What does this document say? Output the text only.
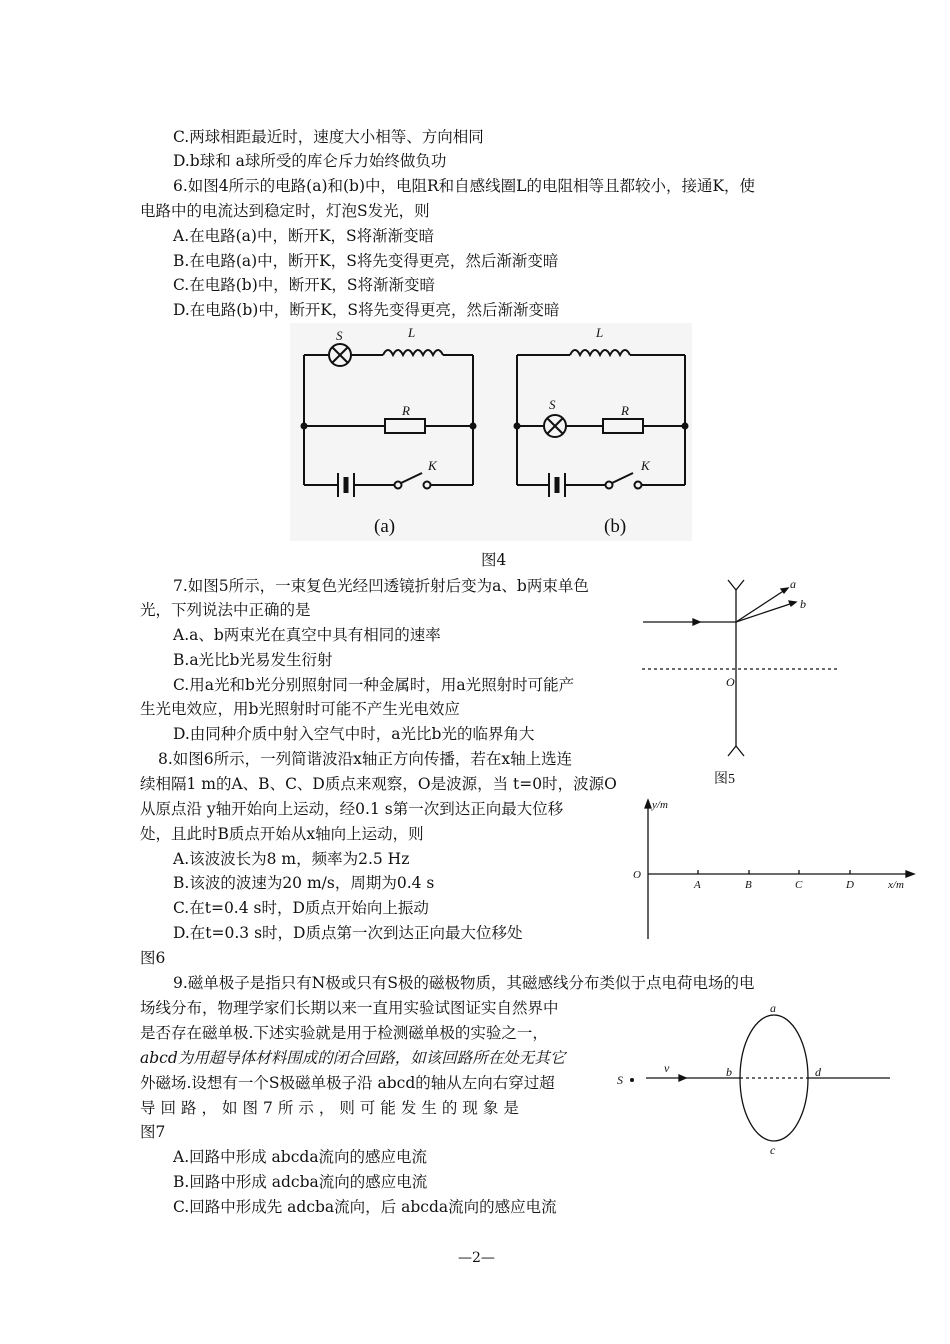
C.两球相距最近时，速度大小相等、方向相同
D.b球和 a球所受的库仑斥力始终做负功
6.如图4所示的电路(a)和(b)中，电阻R和自感线圈L的电阻相等且都较小，接通K，使
电路中的电流达到稳定时，灯泡S发光，则
A.在电路(a)中，断开K，S将渐渐变暗
B.在电路(a)中，断开K，S将先变得更亮，然后渐渐变暗
C.在电路(b)中，断开K，S将渐渐变暗
D.在电路(b)中，断开K，S将先变得更亮，然后渐渐变暗
图4
7.如图5所示，一束复色光经凹透镜折射后变为a、b两束单色
光，下列说法中正确的是
A.a、b两束光在真空中具有相同的速率
B.a光比b光易发生衍射
C.用a光和b光分别照射同一种金属时，用a光照射时可能产
生光电效应，用b光照射时可能不产生光电效应
D.由同种介质中射入空气中时，a光比b光的临界角大
8.如图6所示，一列简谐波沿x轴正方向传播，若在x轴上选连
续相隔1 m的A、B、C、D质点来观察，O是波源，当 t=0时，波源O
从原点沿 y轴开始向上运动，经0.1 s第一次到达正向最大位移
处，且此时B质点开始从x轴向上运动，则
A.该波波长为8 m，频率为2.5 Hz
B.该波的波速为20 m/s，周期为0.4 s
C.在t=0.4 s时，D质点开始向上振动
D.在t=0.3 s时，D质点第一次到达正向最大位移处
图6
9.磁单极子是指只有N极或只有S极的磁极物质，其磁感线分布类似于点电荷电场的电
场线分布，物理学家们长期以来一直用实验试图证实自然界中
是否存在磁单极.下述实验就是用于检测磁单极的实验之一，
abcd为用超导体材料围成的闭合回路，如该回路所在处无其它
外磁场.设想有一个S极磁单极子沿 abcd的轴从左向右穿过超
导回路，如图7所示，则可能发生的现象是
图7
A.回路中形成 abcda流向的感应电流
B.回路中形成 adcba流向的感应电流
C.回路中形成先 adcba流向，后 abcda流向的感应电流
—2—
S	L
R
K
S
L
R
K
(a)	(b)
a
b
O
图5
y/m
x/m
O
A	B	C	D
S
v
a
b
c
d
